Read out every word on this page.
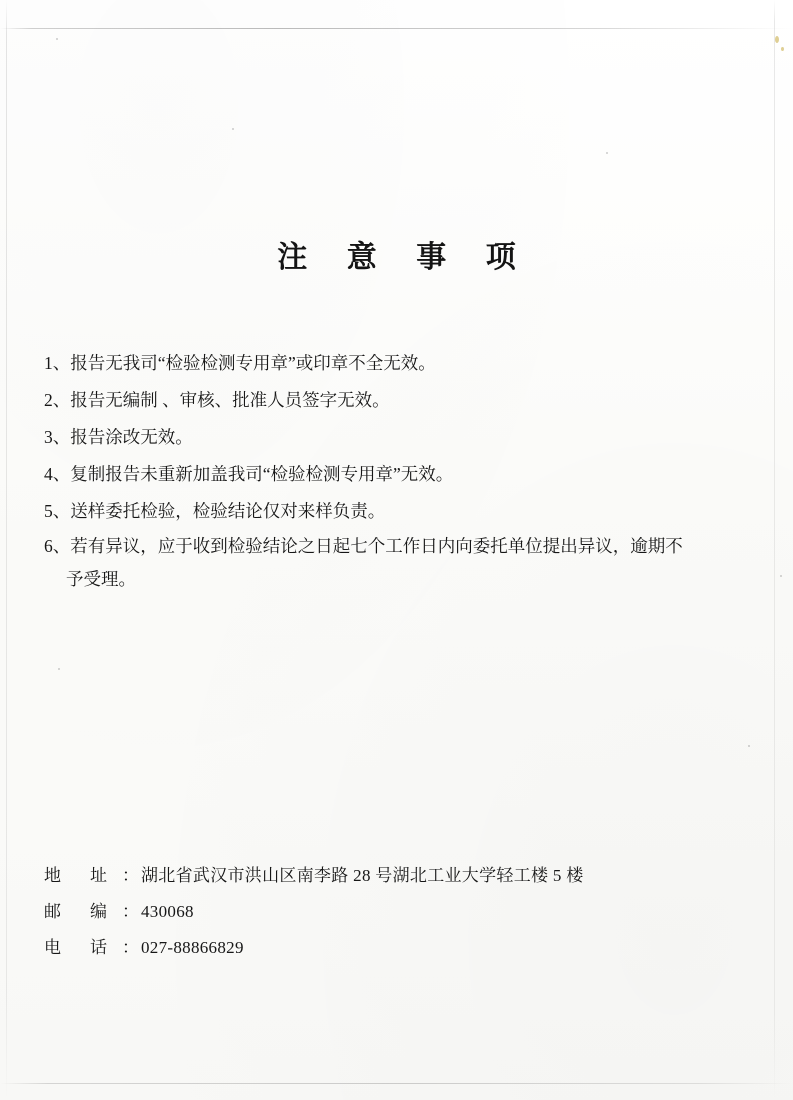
注 意 事 项
1、报告无我司“检验检测专用章”或印章不全无效。
2、报告无编制 、审核、批准人员签字无效。
3、报告涂改无效。
4、复制报告未重新加盖我司“检验检测专用章”无效。
5、送样委托检验，检验结论仅对来样负责。
6、若有异议，应于收到检验结论之日起七个工作日内向委托单位提出异议，逾期不
予受理。
地　址 ： 湖北省武汉市洪山区南李路 28 号湖北工业大学轻工楼 5 楼
邮　编 ： 430068
电　话 ： 027-88866829
